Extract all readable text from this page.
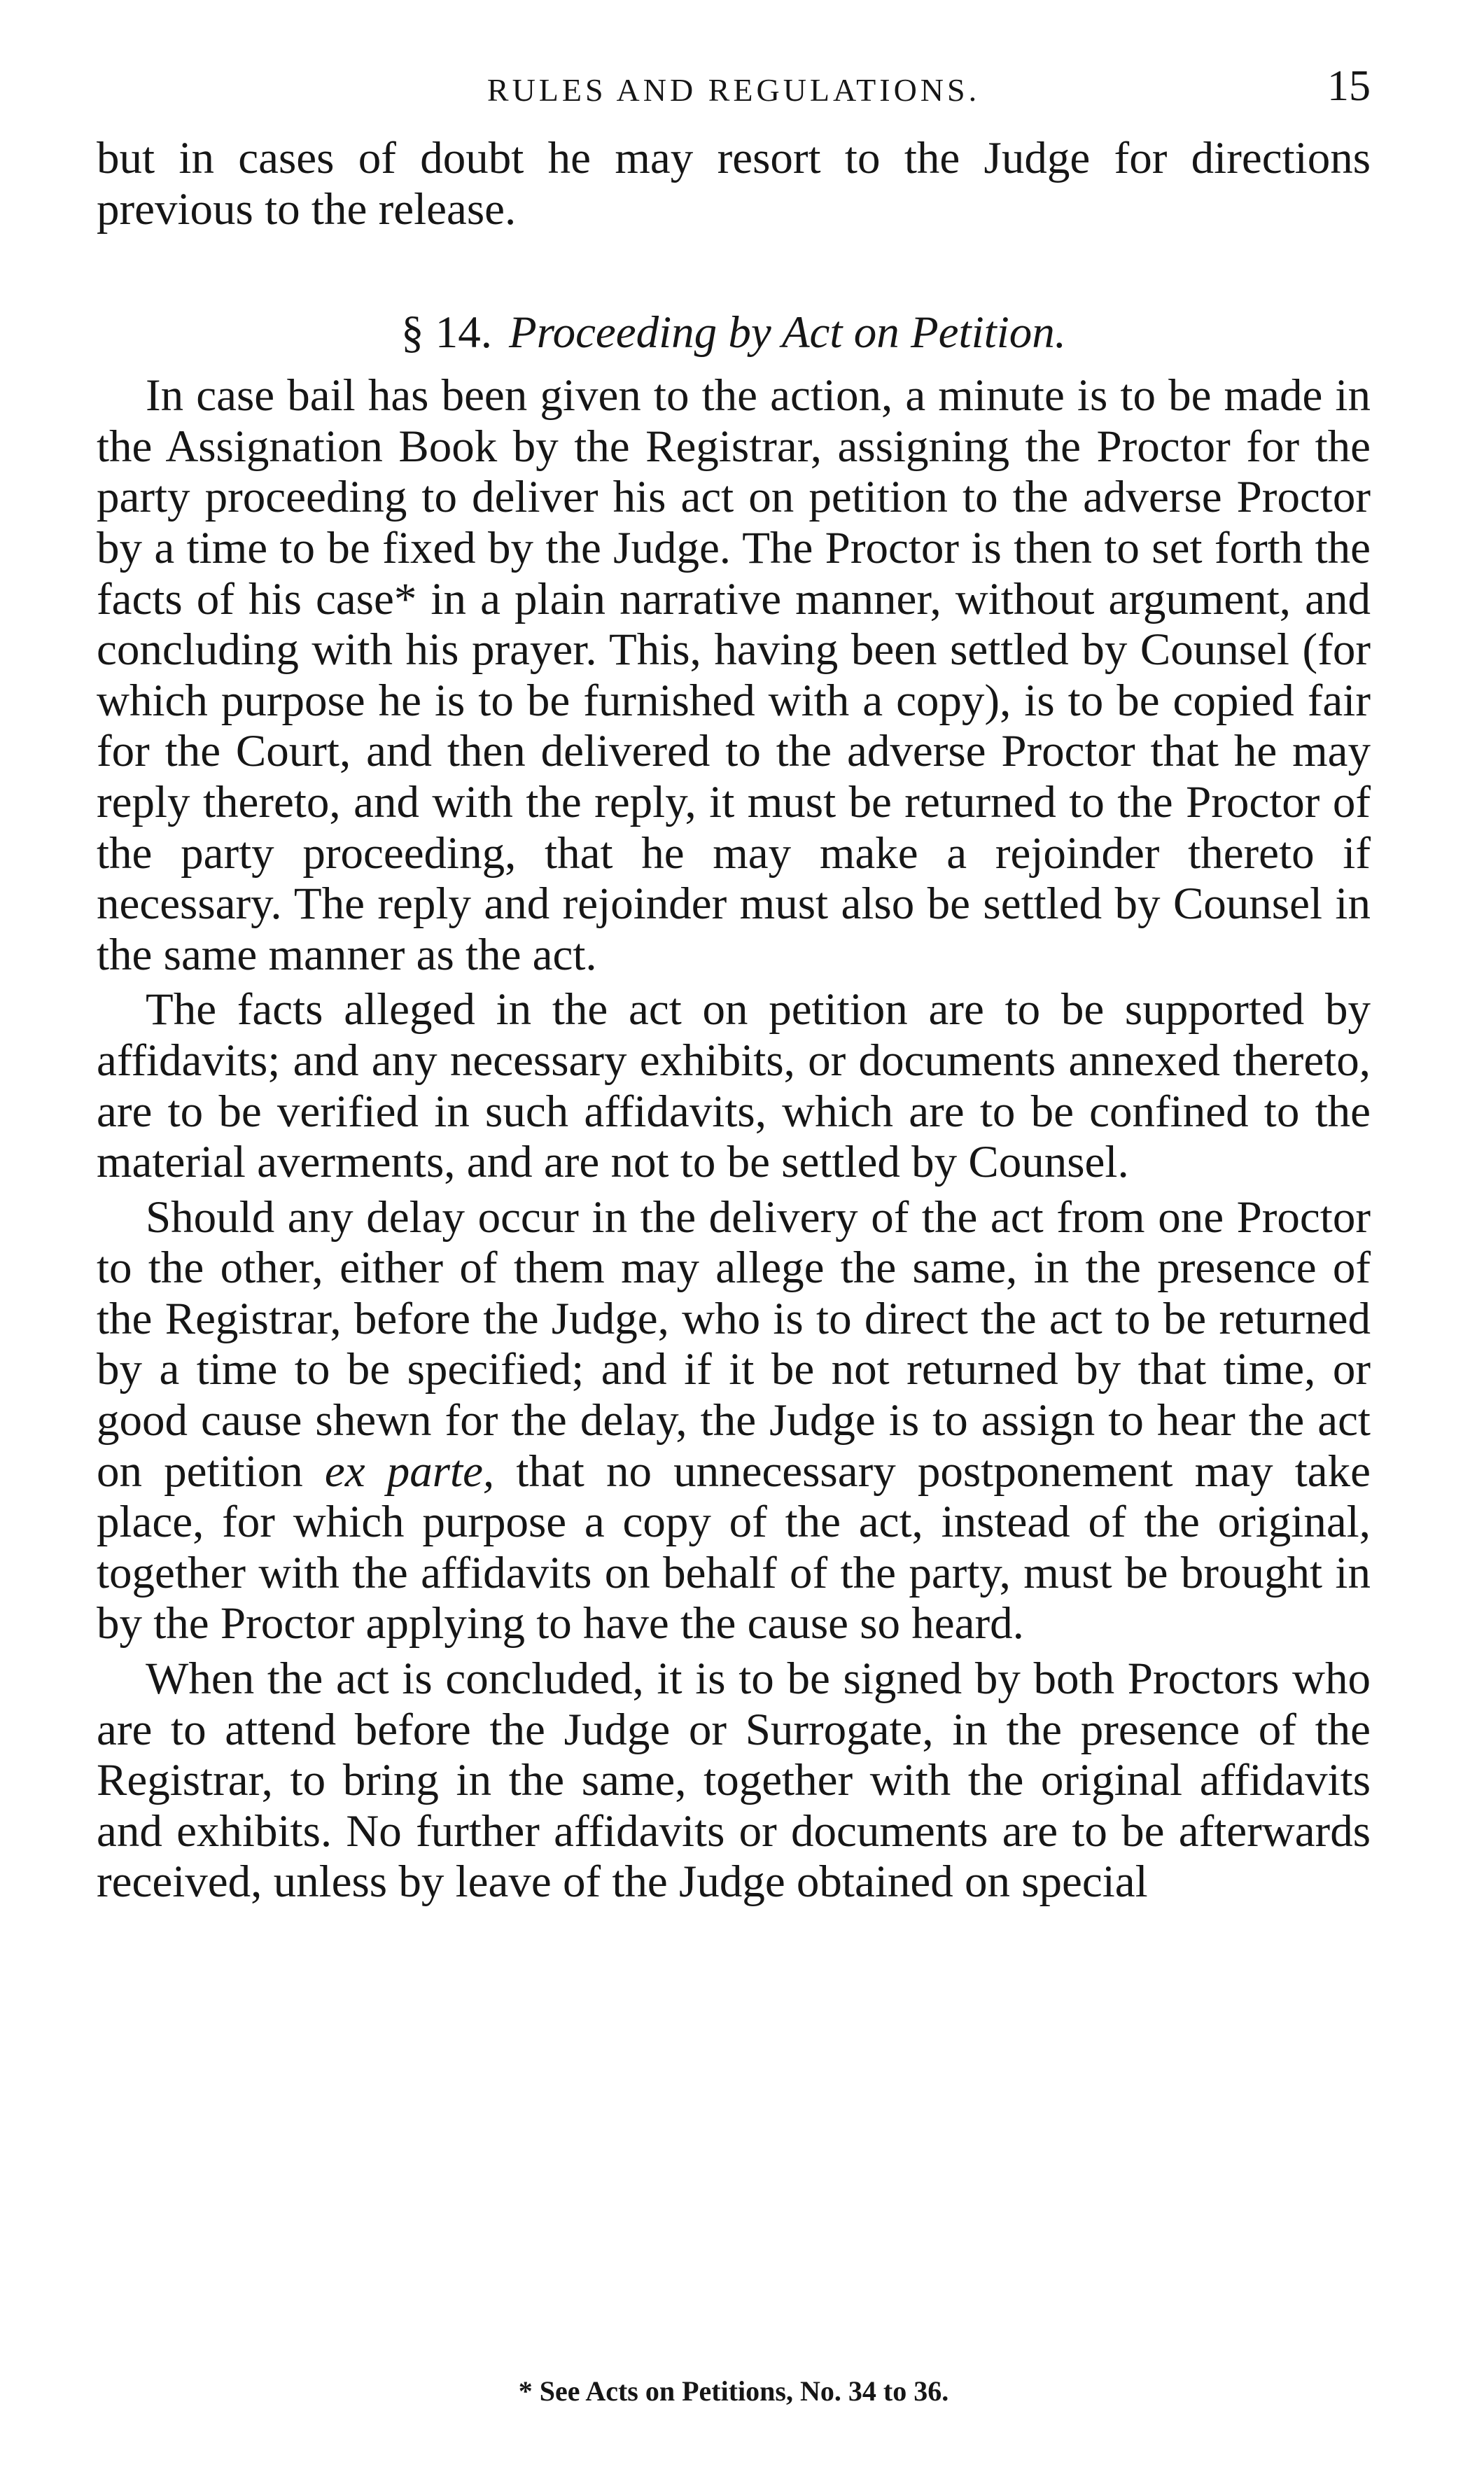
RULES AND REGULATIONS.	15

but in cases of doubt he may resort to the Judge for directions previous to the release.

§ 14. Proceeding by Act on Petition.

In case bail has been given to the action, a minute is to be made in the Assignation Book by the Registrar, assigning the Proctor for the party proceeding to deliver his act on petition to the adverse Proctor by a time to be fixed by the Judge. The Proctor is then to set forth the facts of his case* in a plain narrative manner, without argument, and concluding with his prayer. This, having been settled by Counsel (for which purpose he is to be furnished with a copy), is to be copied fair for the Court, and then delivered to the adverse Proctor that he may reply thereto, and with the reply, it must be returned to the Proctor of the party proceeding, that he may make a rejoinder thereto if necessary. The reply and rejoinder must also be settled by Counsel in the same manner as the act.

The facts alleged in the act on petition are to be supported by affidavits; and any necessary exhibits, or documents annexed thereto, are to be verified in such affidavits, which are to be confined to the material averments, and are not to be settled by Counsel.

Should any delay occur in the delivery of the act from one Proctor to the other, either of them may allege the same, in the presence of the Registrar, before the Judge, who is to direct the act to be returned by a time to be specified; and if it be not returned by that time, or good cause shewn for the delay, the Judge is to assign to hear the act on petition ex parte, that no unnecessary postponement may take place, for which purpose a copy of the act, instead of the original, together with the affidavits on behalf of the party, must be brought in by the Proctor applying to have the cause so heard.

When the act is concluded, it is to be signed by both Proctors who are to attend before the Judge or Surrogate, in the presence of the Registrar, to bring in the same, together with the original affidavits and exhibits. No further affidavits or documents are to be afterwards received, unless by leave of the Judge obtained on special

* See Acts on Petitions, No. 34 to 36.
